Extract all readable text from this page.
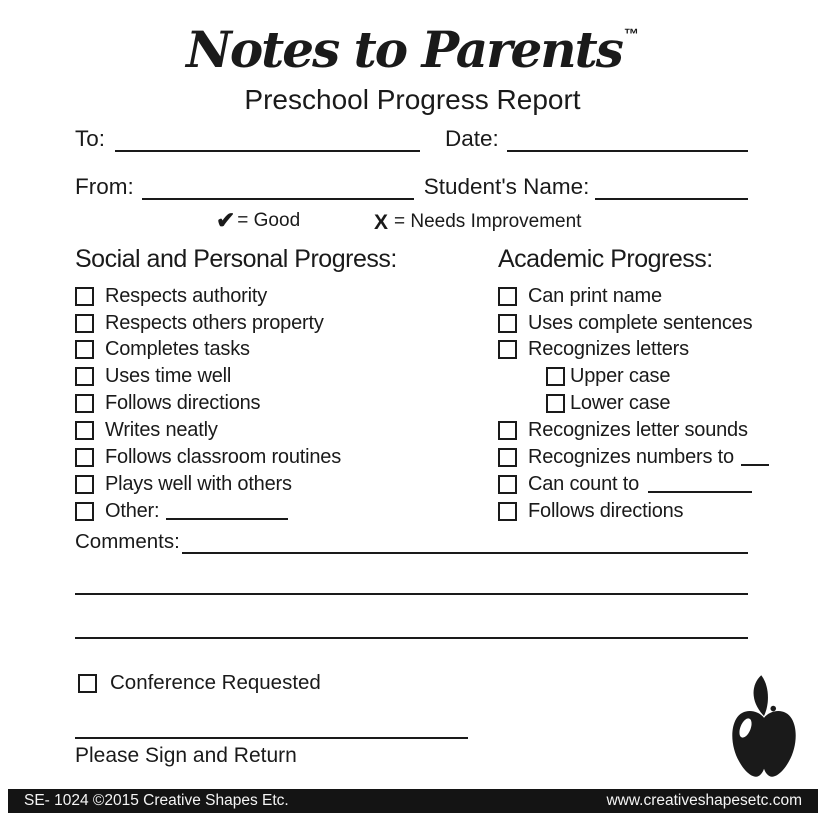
Notes to Parents ™
Preschool Progress Report
To:	Date:
From:	Student's Name:
✔ = Good	X = Needs Improvement
Social and Personal Progress:
Respects authority
Respects others property
Completes tasks
Uses time well
Follows directions
Writes neatly
Follows classroom routines
Plays well with others
Other:
Academic Progress:
Can print name
Uses complete sentences
Recognizes letters
Upper case
Lower case
Recognizes letter sounds
Recognizes numbers to
Can count to
Follows directions
Comments:
Conference Requested
Please Sign and Return
SE- 1024 ©2015 Creative Shapes Etc.	www.creativeshapesetc.com
